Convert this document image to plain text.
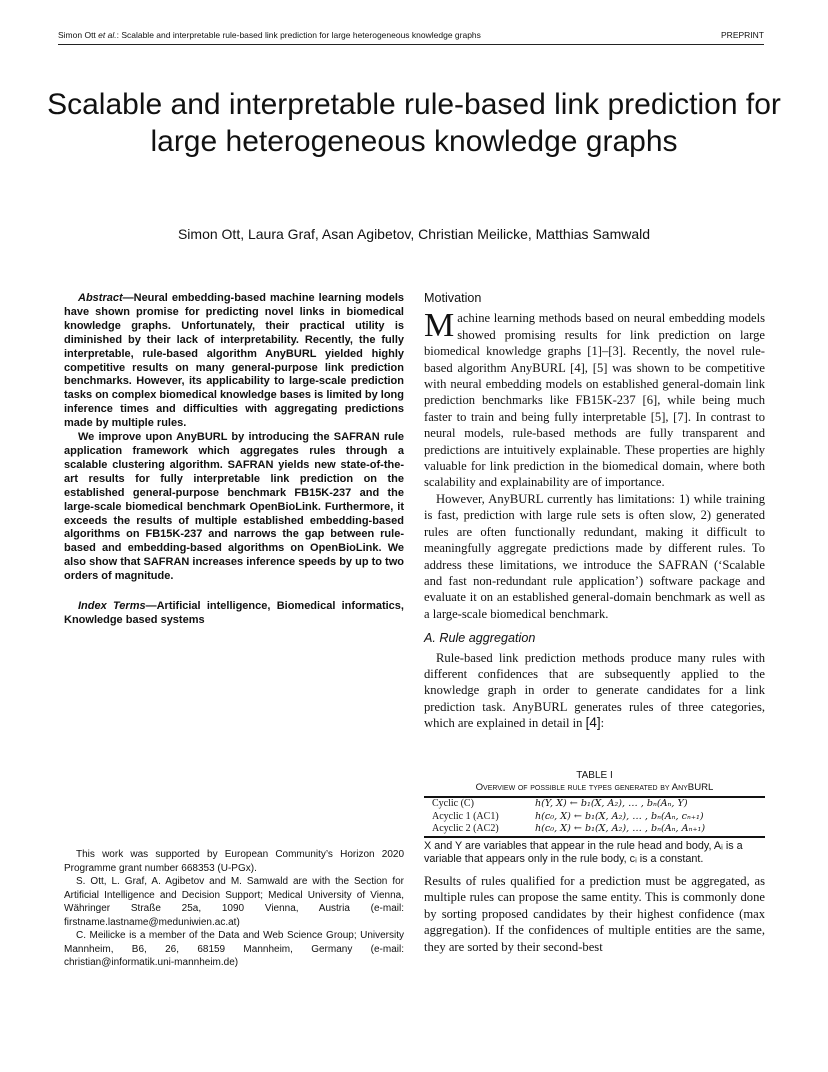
Simon Ott et al.: Scalable and interpretable rule-based link prediction for large heterogeneous knowledge graphs	PREPRINT
Scalable and interpretable rule-based link prediction for large heterogeneous knowledge graphs
Simon Ott, Laura Graf, Asan Agibetov, Christian Meilicke, Matthias Samwald

Abstract—Neural embedding-based machine learning models have shown promise for predicting novel links in biomedical knowledge graphs. Unfortunately, their practical utility is diminished by their lack of interpretability. Recently, the fully interpretable, rule-based algorithm AnyBURL yielded highly competitive results on many general-purpose link prediction benchmarks. However, its applicability to large-scale prediction tasks on complex biomedical knowledge bases is limited by long inference times and difficulties with aggregating predictions made by multiple rules.

We improve upon AnyBURL by introducing the SAFRAN rule application framework which aggregates rules through a scalable clustering algorithm. SAFRAN yields new state-of-the-art results for fully interpretable link prediction on the established general-purpose benchmark FB15K-237 and the large-scale biomedical benchmark OpenBioLink. Furthermore, it exceeds the results of multiple established embedding-based algorithms on FB15K-237 and narrows the gap between rule-based and embedding-based algorithms on OpenBioLink. We also show that SAFRAN increases inference speeds by up to two orders of magnitude.

Index Terms—Artificial intelligence, Biomedical informatics, Knowledge based systems

This work was supported by European Community’s Horizon 2020 Programme grant number 668353 (U-PGx).

S. Ott, L. Graf, A. Agibetov and M. Samwald are with the Section for Artificial Intelligence and Decision Support; Medical University of Vienna, Währinger Straße 25a, 1090 Vienna, Austria (e-mail: firstname.lastname@meduniwien.ac.at)

C. Meilicke is a member of the Data and Web Science Group; University Mannheim, B6, 26, 68159 Mannheim, Germany (e-mail: christian@informatik.uni-mannheim.de)

Motivation

Machine learning methods based on neural embedding models showed promising results for link prediction on large biomedical knowledge graphs [1]–[3]. Recently, the novel rule-based algorithm AnyBURL [4], [5] was shown to be competitive with neural embedding models on established general-domain link prediction benchmarks like FB15K-237 [6], while being much faster to train and being fully interpretable [5], [7]. In contrast to neural models, rule-based methods are fully transparent and predictions are intuitively explainable. These properties are highly valuable for link prediction in the biomedical domain, where both scalability and explainability are of importance.

However, AnyBURL currently has limitations: 1) while training is fast, prediction with large rule sets is often slow, 2) generated rules are often functionally redundant, making it difficult to meaningfully aggregate predictions made by different rules. To address these limitations, we introduce the SAFRAN (‘Scalable and fast non-redundant rule application’) software package and evaluate it on an established general-domain benchmark as well as a large-scale biomedical benchmark.

A. Rule aggregation

Rule-based link prediction methods produce many rules with different confidences that are subsequently applied to the knowledge graph in order to generate candidates for a link prediction task. AnyBURL generates rules of three categories, which are explained in detail in [4]:

TABLE I
Overview of possible rule types generated by AnyBURL
Cyclic (C)	h(Y, X) ← b₁(X, A₂), … , bₙ(Aₙ, Y)
Acyclic 1 (AC1)	h(c₀, X) ← b₁(X, A₂), … , bₙ(Aₙ, cₙ₊₁)
Acyclic 2 (AC2)	h(c₀, X) ← b₁(X, A₂), … , bₙ(Aₙ, Aₙ₊₁)
X and Y are variables that appear in the rule head and body, Aᵢ is a variable that appears only in the rule body, cᵢ is a constant.

Results of rules qualified for a prediction must be aggregated, as multiple rules can propose the same entity. This is commonly done by sorting proposed candidates by their highest confidence (max aggregation). If the confidences of multiple entities are the same, they are sorted by their second-best
